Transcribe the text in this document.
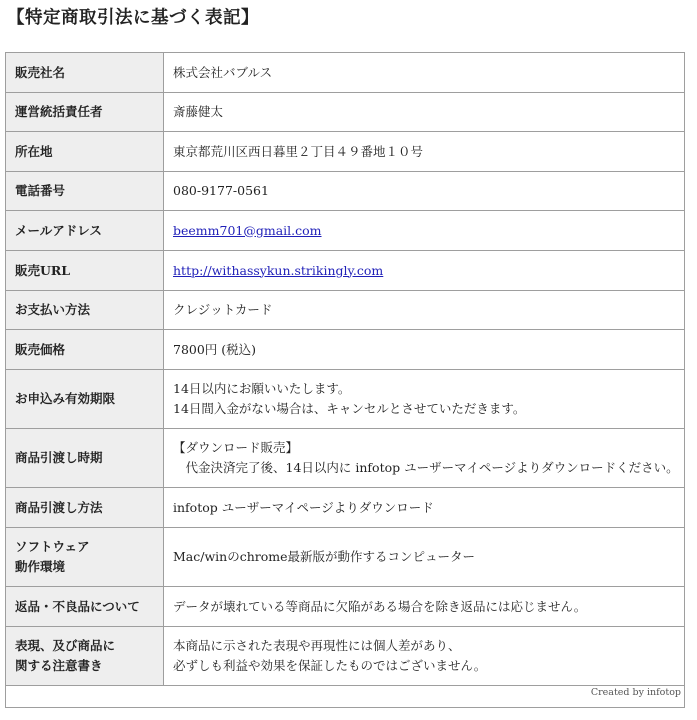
【特定商取引法に基づく表記】
販売社名	株式会社バブルス

運営統括責任者	斎藤健太

所在地	東京都荒川区西日暮里２丁目４９番地１０号

電話番号	080-9177-0561

メールアドレス	beemm701@gmail.com

販売URL	http://withassykun.strikingly.com

お支払い方法	クレジットカード

販売価格	7800円 (税込)

お申込み有効期限	14日以内にお願いいたします。
14日間入金がない場合は、キャンセルとさせていただきます。

商品引渡し時期	【ダウンロード販売】
　代金決済完了後、14日以内に infotop ユーザーマイページよりダウンロードください。

商品引渡し方法	infotop ユーザーマイページよりダウンロード

ソフトウェア
動作環境	Mac/winのchrome最新版が動作するコンピューター

返品・不良品について	データが壊れている等商品に欠陥がある場合を除き返品には応じません。

表現、及び商品に
関する注意書き	本商品に示された表現や再現性には個人差があり、
必ずしも利益や効果を保証したものではございません。
Created by infotop
